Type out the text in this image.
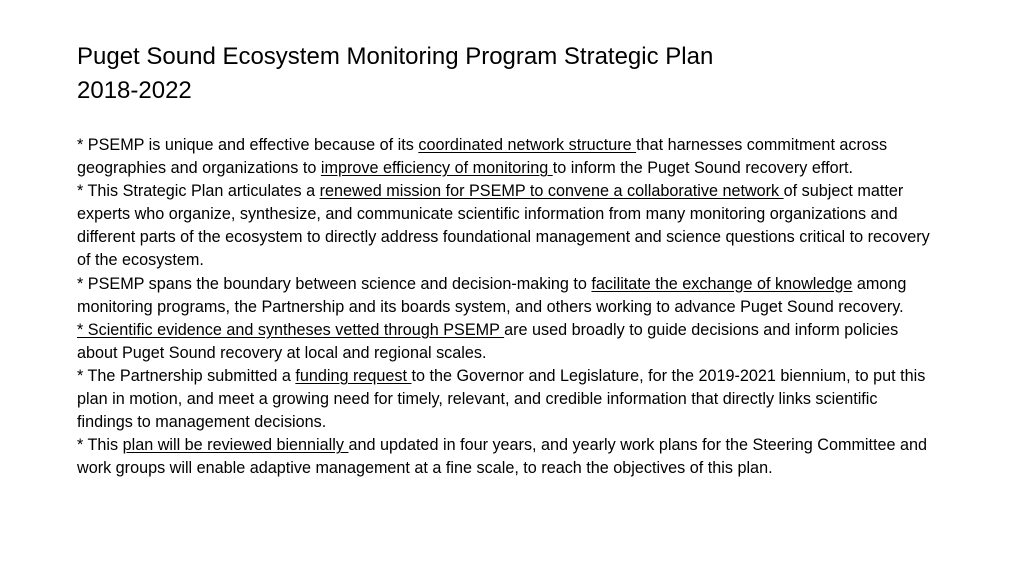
Puget Sound Ecosystem Monitoring Program Strategic Plan
2018-2022

* PSEMP is unique and effective because of its coordinated network structure that harnesses commitment across geographies and organizations to improve efficiency of monitoring to inform the Puget Sound recovery effort.

* This Strategic Plan articulates a renewed mission for PSEMP to convene a collaborative network of subject matter experts who organize, synthesize, and communicate scientific information from many monitoring organizations and different parts of the ecosystem to directly address foundational management and science questions critical to recovery of the ecosystem.

* PSEMP spans the boundary between science and decision-making to facilitate the exchange of knowledge among monitoring programs, the Partnership and its boards system, and others working to advance Puget Sound recovery.

* Scientific evidence and syntheses vetted through PSEMP are used broadly to guide decisions and inform policies about Puget Sound recovery at local and regional scales.

* The Partnership submitted a funding request to the Governor and Legislature, for the 2019-2021 biennium, to put this plan in motion, and meet a growing need for timely, relevant, and credible information that directly links scientific findings to management decisions.

* This plan will be reviewed biennially and updated in four years, and yearly work plans for the Steering Committee and work groups will enable adaptive management at a fine scale, to reach the objectives of this plan.
